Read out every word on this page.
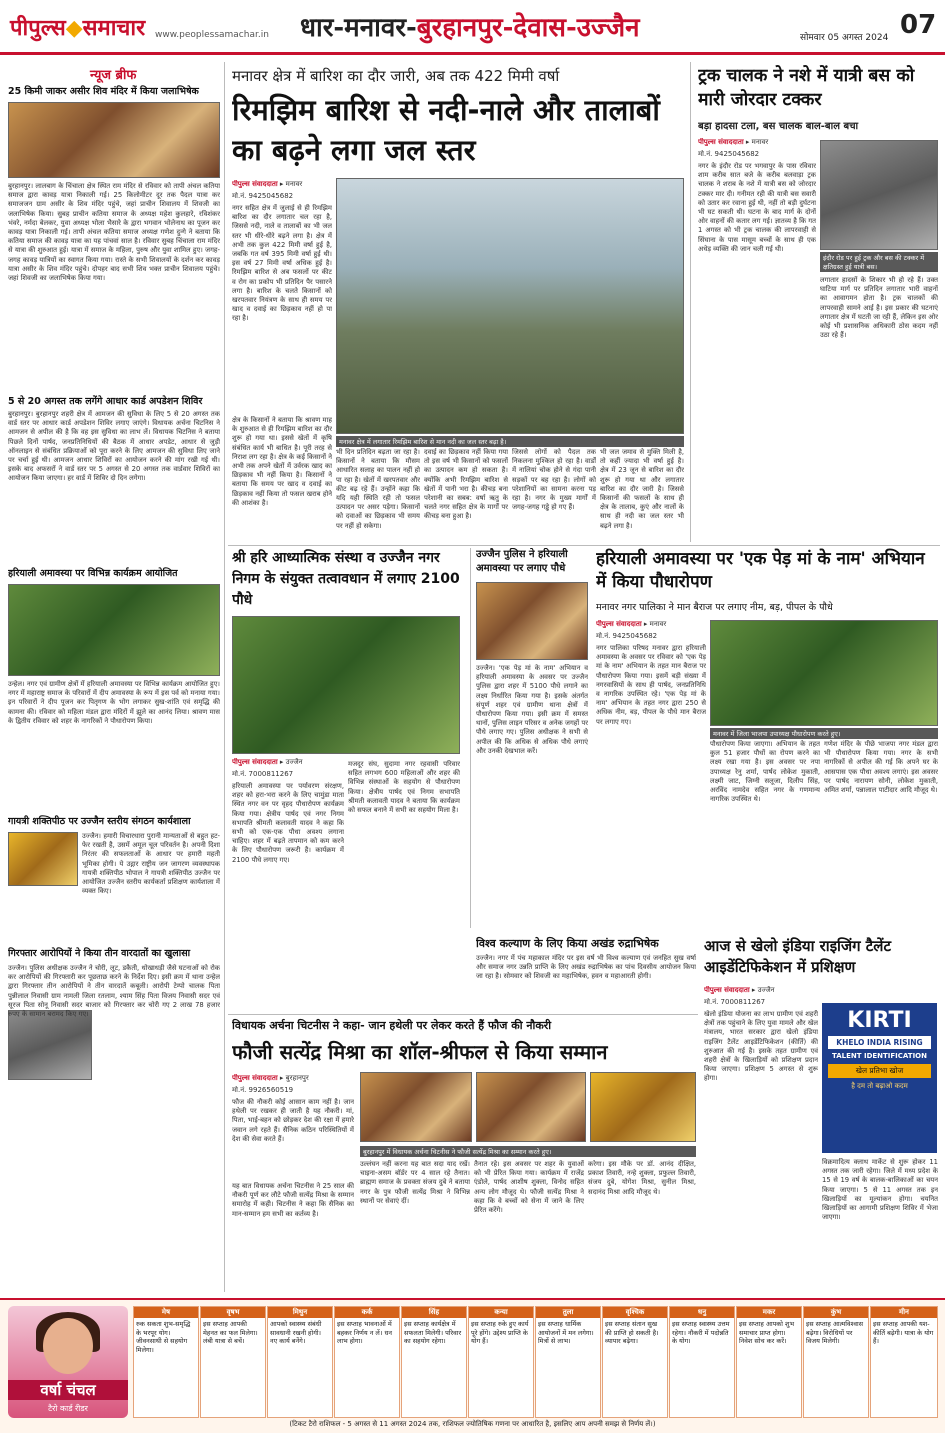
पीपुल्स◆समाचार www.peoplessamachar.in धार-मनावर-बुरहानपुर-देवास-उज्जैन	सोमवार 05 अगस्त 2024 07
न्यूज ब्रीफ
25 किमी जाकर असीर शिव मंदिर में किया जलाभिषेक
बुरहानपुर। लालबाग के चिंचाला क्षेत्र स्थित राम मंदिर से रविवार को तापी अंचल कतिया समाज द्वारा कावड़ यात्रा निकाली गई। 25 किलोमीटर दूर तक पैदल यात्रा कर समाजजन ग्राम असीर के शिव मंदिर पहुंचे, जहां प्राचीन शिवालय में शिवजी का जलाभिषेक किया। सुबह प्राचीन कतिया समाज के अध्यक्ष महेश कुलहारे, रविशंकर भंवरे, नर्मदा बेलकर, युवा अध्यक्ष भोला भैसारे के द्वारा भगवान भोलेनाथ का पूजन कर कावड़ यात्रा निकाली गई। तापी अंचल कतिया समाज अध्यक्ष गणेश दुन्गे ने बताया कि कतिया समाज की कावड़ यात्रा का यह पांचवां साल है। रविवार सुबह चिंचाला राम मंदिर से यात्रा की शुरुआत हुई। यात्रा में समाज के महिला, पुरुष और युवा शामिल हुए। जगह-जगह कावड़ यात्रियों का स्वागत किया गया। रास्ते के सभी शिवालयों के दर्शन कर कावड़ यात्रा असीर के शिव मंदिर पहुंचे। दोपहर बाद सभी शिव भक्त प्राचीन शिवालय पहुंचे। जहां शिवजी का जलाभिषेक किया गया।
5 से 20 अगस्त तक लगेंगे आधार कार्ड अपडेशन शिविर
बुरहानपुर। बुरहानपुर शहरी क्षेत्र में आमजन की सुविधा के लिए 5 से 20 अगस्त तक वार्ड स्तर पर आधार कार्ड अपडेशन शिविर लगाए जाएंगे। विधायक अर्चना चिटनिस ने आमजन से अपील की है कि वह इस सुविधा का लाभ लें। विधायक चिटनिस ने बताया पिछले दिनों पार्षद, जनप्रतिनिधियों की बैठक में आधार अपडेट, आधार से जुड़ी ऑनलाइन से संबंधित प्रक्रियाओं को पूरा करने के लिए आमजन की सुविधा लिए जाने पर चर्चा हुई थी। आमजन आधार शिविरों का आयोजन करने की मांग रखी गई थी। इसके बाद अफसरों ने वार्ड स्तर पर 5 अगस्त से 20 अगस्त तक वार्डवार शिविरों का आयोजन किया जाएगा। हर वार्ड में शिविर दो दिन लगेगा।
हरियाली अमावस्या पर विभिन्न कार्यक्रम आयोजित
उन्हेल। नगर एवं ग्रामीण क्षेत्रों में हरियाली अमावस्या पर विभिन्न कार्यक्रम आयोजित हुए। नगर में महाराष्ट्र समाज के परिवारों में दीप अमावस्या के रूप में इस पर्व को मनाया गया। इन परिवारों ने दीप पूजन कर पितृगण के भोग लगाकर सुख-शांति एवं समृद्धि की कामना की। रविवार को महिला मंडल द्वारा मंदिरों में झूले का आनंद लिया। श्रावण मास के द्वितीय रविवार को शहर के नागरिकों ने पौधारोपण किया।
गायत्री शक्तिपीठ पर उज्जैन स्तरीय संगठन कार्यशाला
उज्जैन। हमारी विचारधारा पुरानी मान्यताओं से बहुत हट-फेर रखती है, उसमें अमूल चूल परिवर्तन है। अपनी दिशा निरंतर की सफलताओं के आधार पर हमारी महती भूमिका होगी। ये उद्गार राष्ट्रीय जन जागरण व्यवस्थापक गायत्री शक्तिपीठ भोपाल ने गायत्री शक्तिपीठ उज्जैन पर आयोजित उज्जैन स्तरीय कार्यकर्ता प्रशिक्षण कार्यशाला में व्यक्त किए।
गिरफ्तार आरोपियों ने किया तीन वारदातों का खुलासा
उज्जैन। पुलिस अधीक्षक उज्जैन ने चोरी, लूट, डकैती, धोखाधड़ी जैसे घटनाओं को रोक कर आरोपियों की गिरफ्तारी कर पूछताछ करने के निर्देश दिए। इसी क्रम में थाना उन्हेल द्वारा गिरफ्तार तीन आरोपियों ने तीन वारदातें कबूली। आरोपी टेम्पो चालक पिता पुन्नीलाल निवासी ग्राम नामली जिला रतलाम, श्याम सिंह पिता विजय निवासी सदर एवं सूरज पिता सोनू निवासी सदर बाजार को गिरफ्तार कर चोरी गए 2 लाख 78 हजार रुपए के सामान बरामद किए गए।
मनावर क्षेत्र में बारिश का दौर जारी, अब तक 422 मिमी वर्षा
रिमझिम बारिश से नदी-नाले और तालाबों का बढ़ने लगा जल स्तर
पीपुल्स संवाददाता ▸ मनावर
मो.नं. 9425045682
नगर सहित क्षेत्र में जुलाई से ही रिमझिम बारिश का दौर लगातार चल रहा है, जिससे नदी, नाले व तालाबों का भी जल स्तर भी धीरे-धीरे बढ़ने लगा है। क्षेत्र में अभी तक कुल 422 मिमी वर्षा हुई है, जबकि गत वर्ष 395 मिमी वर्षा हुई थी। इस वर्ष 27 मिमी वर्षा अधिक हुई है। रिमझिम बारिश से अब फसलों पर कीट व रोग का प्रकोप भी प्रतिदिन पैर पसारने लगा है। बारिश के चलते किसानों को खरपतवार नियंत्रण के साथ ही समय पर खाद व दवाई का छिड़काव नहीं हो पा रहा है।
मनावर क्षेत्र में लगातार रिमझिम बारिश से मान नदी का जल स्तर बढ़ा है।
क्षेत्र के किसानों ने बताया कि श्रावण माह के शुरुआत से ही रिमझिम बारिश का दौर शुरू हो गया था। इससे खेतों में कृषि संबंधित कार्य भी बाधित है। पूरी तरह से निराश लग रहा है। क्षेत्र के कई किसानों ने अभी तक अपने खेतों में उर्वरक खाद का छिड़काव भी नहीं किया है। किसानों ने बताया कि समय पर खाद व दवाई का छिड़काव नहीं किया तो फसल खराब होने की आशंका है।
भी दिन प्रतिदिन बढ़ता जा रहा है। किसानों ने बताया कि मौसम आधारित सलाह का पालन नहीं हो पा रहा है। खेतों में खरपतवार और कीट बढ़ रहे हैं। उन्होंने कहा कि यदि यही स्थिति रही तो फसल उत्पादन पर असर पड़ेगा। किसानों को दवाओं का छिड़काव भी समय पर नहीं हो सकेगा।
दवाई का छिड़काव नहीं किया गया तो इस वर्ष भी किसानों को फसलों का उत्पादन कम हो सकता है। क्योंकि अभी रिमझिम बारिश से खेतों में पानी भरा है। कीचड़ बना परेशानी का सबब: वर्षा ऋतु के चलते नगर सहित क्षेत्र के मार्गों पर कीचड़ बना हुआ है।
जिससे लोगों को पैदल तक निकलना मुश्किल हो रहा है। वार्डों में नालियां चोक होने से गंदा पानी सड़कों पर बह रहा है। लोगों को परेशानियों का सामना करना पड़ रहा है। नगर के मुख्य मार्गों में जगह-जगह गड्ढे हो गए हैं।
भी जल जमाव से मुक्ति मिली है, तो कहीं ज्यादा भी वर्षा हुई है। क्षेत्र में 23 जून से बारिश का दौर शुरू हो गया था और लगातार बारिश का दौर जारी है। जिससे किसानों की फसलों के साथ ही क्षेत्र के तालाब, कुएं और नालों के साथ ही नदी का जल स्तर भी बढ़ने लगा है।
ट्रक चालक ने नशे में यात्री बस को मारी जोरदार टक्कर
बड़ा हादसा टला, बस चालक बाल-बाल बचा
पीपुल्स संवाददाता ▸ मनावर
मो.नं. 9425045682
नगर के इंदौर रोड पर भगवापुर के पास रविवार शाम करीब सात बजे के करीब बलवाड़ा ट्रक चालक ने शराब के नशे में यात्री बस को जोरदार टक्कर मार दी। गनीमत रही की यात्री बस सवारी को उतार कर रवाना हुई थी, नहीं तो बड़ी दुर्घटना भी घट सकती थी। घटना के बाद मार्ग के दोनों ओर वाहनों की कतार लग गई। ज्ञातव्य है कि गत 1 अगस्त को भी ट्रक चालक की लापरवाही से सिंघाना के पास मासूम बच्चों के साथ ही एक अधेड़ व्यक्ति की जान चली गई थी।
इंदौर रोड पर हुई ट्रक और बस की टक्कर में क्षतिग्रस्त हुई यात्री बस।
लगातार हादसों के शिकार भी हो रहे हैं। उक्त घाटिया मार्ग पर प्रतिदिन लगातार भारी वाहनों का आवागमन होता है। ट्रक चालकों की लापरवाही सामने आई है। इस प्रकार की घटनाएं लगातार क्षेत्र में घटती जा रही हैं, लेकिन इस ओर कोई भी प्रशासनिक अधिकारी ठोस कदम नहीं उठा रहे हैं।
श्री हरि आध्यात्मिक संस्था व उज्जैन नगर निगम के संयुक्त तत्वावधान में लगाए 2100 पौधे
पीपुल्स संवाददाता ▸ उज्जैन
मो.नं. 7000811267
हरियाली अमावस्या पर पर्यावरण संरक्षण, शहर को हरा-भरा करने के लिए चामुंडा माता स्थित नगर वन पर वृहद पौधारोपण कार्यक्रम किया गया। क्षेत्रीय पार्षद एवं नगर निगम सभापति श्रीमती कलावती यादव ने कहा कि सभी को एक-एक पौधा अवश्य लगाना चाहिए। शहर में बढ़ते तापमान को कम करने के लिए पौधारोपण जरूरी है। कार्यक्रम में 2100 पौधे लगाए गए।
मजदूर संघ, सुदामा नगर रहवासी परिवार सहित लगभग 600 महिलाओं और शहर की विभिन्न संस्थाओं के सहयोग से पौधारोपण किया। क्षेत्रीय पार्षद एवं निगम सभापति श्रीमती कलावती यादव ने बताया कि कार्यक्रम को सफल बनाने में सभी का सहयोग मिला है।
उज्जैन पुलिस ने हरियाली अमावस्या पर लगाए पौधे
उज्जैन। 'एक पेड़ मां के नाम' अभियान व हरियाली अमावस्या के अवसर पर उज्जैन पुलिस द्वारा शहर में 5100 पौधे लगाने का लक्ष्य निर्धारित किया गया है। इसके अंतर्गत संपूर्ण शहर एवं ग्रामीण थाना क्षेत्रों में पौधारोपण किया गया। इसी क्रम में समस्त थानों, पुलिस लाइन परिसर व अनेक जगहों पर पौधे लगाए गए। पुलिस अधीक्षक ने सभी से अपील की कि अधिक से अधिक पौधे लगाएं और उनकी देखभाल करें।
हरियाली अमावस्या पर 'एक पेड़ मां के नाम' अभियान में किया पौधारोपण
मनावर नगर पालिका ने मान बैराज पर लगाए नीम, बड़, पीपल के पौधे
पीपुल्स संवाददाता ▸ मनावर
मो.नं. 9425045682
नगर पालिका परिषद मनावर द्वारा हरियाली अमावस्या के अवसर पर रविवार को 'एक पेड़ मां के नाम' अभियान के तहत मान बैराज पर पौधारोपण किया गया। इसमें बड़ी संख्या में नगरवासियों के साथ ही पार्षद, जनप्रतिनिधि व नागरिक उपस्थित रहे। 'एक पेड़ मां के नाम' अभियान के तहत नगर द्वारा 250 से अधिक नीम, बड़, पीपल के पौधे मान बैराज पर लगाए गए।
मनावर में जिला भाजपा उपाध्यक्ष पौधारोपण करते हुए।
पौधारोपण किया जाएगा। अभियान के तहत कुल 51 हजार पौधों का रोपण करने का लक्ष्य रखा गया है। इस अवसर पर नपा उपाध्यक्ष रेनु शर्मा, पार्षद लोकेश मुकाती, लक्ष्मी जाट, जिग्नी सलूजा, दिलीप सिंह, अरविंद नामदेव सहित नगर के गणमान्य नागरिक उपस्थित थे।
गणेश मंदिर के पीछे भाजपा नगर मंडल द्वारा भी पौधारोपण किया गया। नगर के सभी नागरिकों से अपील की गई कि अपने घर के आसपास एक पौधा अवश्य लगाएं। इस अवसर पर पार्षद नारायण सोनी, लोकेश मुकाती, अमित शर्मा, पन्नालाल पाटीदार आदि मौजूद थे।
विश्व कल्याण के लिए किया अखंड रुद्राभिषेक
उज्जैन। नगर में पंच महाकाल मंदिर पर इस वर्ष भी विश्व कल्याण एवं जनहित सुख वर्षा और समाज नगर उन्नति प्राप्ति के लिए अखंड रुद्राभिषेक का पांच दिवसीय आयोजन किया जा रहा है। सोमवार को शिवजी का महाभिषेक, हवन व महाआरती होगी।
आज से खेलो इंडिया राइजिंग टैलेंट आइडेंटिफिकेशन में प्रशिक्षण
पीपुल्स संवाददाता ▸ उज्जैन
मो.नं. 7000811267
KIRTI
KHELO INDIA RISING
TALENT IDENTIFICATION
खेल प्रतिभा खोज
है दम तो बढ़ाओ कदम
खेलो इंडिया योजना का लाभ ग्रामीण एवं शहरी क्षेत्रों तक पहुंचाने के लिए युवा मामले और खेल मंत्रालय, भारत सरकार द्वारा खेलो इंडिया राइजिंग टैलेंट आइडेंटिफिकेशन (कीर्ति) की शुरुआत की गई है। इसके तहत ग्रामीण एवं शहरी क्षेत्रों के खिलाड़ियों को प्रशिक्षण प्रदान किया जाएगा। प्रशिक्षण 5 अगस्त से शुरू होगा।
विक्रमादित्य क्लाथ मार्केट से शुरू होकर 11 अगस्त तक जारी रहेगा। जिले में मध्य प्रदेश के 15 से 19 वर्ष के बालक-बालिकाओं का चयन किया जाएगा। 5 से 11 अगस्त तक इन खिलाड़ियों का मूल्यांकन होगा। चयनित खिलाड़ियों का आगामी प्रशिक्षण शिविर में भेजा जाएगा।
विधायक अर्चना चिटनीस ने कहा- जान हथेली पर लेकर करते हैं फौज की नौकरी
फौजी सत्येंद्र मिश्रा का शॉल-श्रीफल से किया सम्मान
पीपुल्स संवाददाता ▸ बुरहानपुर
मो.नं. 9926560519
फौज की नौकरी कोई आसान काम नहीं है। जान हथेली पर रखकर ही जाती है यह नौकरी। मां, पिता, भाई-बहन को छोड़कर देश की रक्षा में हमारे जवान लगे रहते हैं। सैनिक कठिन परिस्थितियों में देश की सेवा करते हैं।
यह बात विधायक अर्चना चिटनीस ने 25 साल की नौकरी पूर्ण कर लौटे फौजी सत्येंद्र मिश्रा के सम्मान समारोह में कही। चिटनीस ने कहा कि सैनिक का मान-सम्मान हम सभी का कर्तव्य है।
बुरहानपुर में विधायक अर्चना चिटनीस ने फौजी सत्येंद्र मिश्रा का सम्मान करते हुए।
उल्लंघन नहीं करना यह बात सदा याद रखें। चाइना-असम बॉर्डर पर 4 साल रहे तैनात। ब्राह्मण समाज के प्रवक्ता संजय दुबे ने बताया नगर के पुत्र फौजी सत्येंद्र मिश्रा ने विभिन्न स्थानों पर सेवाएं दीं।
तैनात रहे। इस अवसर पर शहर के युवाओं को भी प्रेरित किया गया। कार्यक्रम में राजेंद्र एंडोले, पार्षद आशीष शुक्ला, विनोद सहित अन्य लोग मौजूद थे। फौजी सत्येंद्र मिश्रा ने कहा कि वे बच्चों को सेना में जाने के लिए प्रेरित करेंगे।
करेगा। इस मौके पर डॉ. आनंद दीक्षित, प्रकाश तिवारी, नन्हे शुक्ला, प्रफुल्ल तिवारी, संजय दुबे, योगेश मिश्रा, सुनील मिश्रा, सदानंद मिश्रा आदि मौजूद थे।
वर्षा चंचल
टैरो कार्ड रीडर
मेष
रुक सकता शुभ-समृद्धि के भरपूर योग। जीवनसाथी से सहयोग मिलेगा।
वृषभ
इस सप्ताह आपकी मेहनत का फल मिलेगा। लंबी यात्रा से बचें।
मिथुन
आपको स्वास्थ्य संबंधी सावधानी रखनी होगी। नए कार्य बनेंगे।
कर्क
इस सप्ताह भावनाओं में बहकर निर्णय न लें। धन लाभ होगा।
सिंह
इस सप्ताह कार्यक्षेत्र में सफलता मिलेगी। परिवार का सहयोग रहेगा।
कन्या
इस सप्ताह रुके हुए कार्य पूरे होंगे। उद्देश्य प्राप्ति के योग हैं।
तुला
इस सप्ताह धार्मिक आयोजनों में मन लगेगा। मित्रों से लाभ।
वृश्चिक
इस सप्ताह संतान सुख की प्राप्ति हो सकती है। व्यापार बढ़ेगा।
धनु
इस सप्ताह स्वास्थ्य उत्तम रहेगा। नौकरी में पदोन्नति के योग।
मकर
इस सप्ताह आपको शुभ समाचार प्राप्त होगा। निवेश सोच कर करें।
कुंभ
इस सप्ताह आत्मविश्वास बढ़ेगा। विरोधियों पर विजय मिलेगी।
मीन
इस सप्ताह आपकी यश-कीर्ति बढ़ेगी। यात्रा के योग हैं।
(टिकट टैरो राशिफल - 5 अगस्त से 11 अगस्त 2024 तक, राशिफल ज्योतिषिक गणना पर आधारित है, इसलिए आप अपनी समझ से निर्णय लें।)
